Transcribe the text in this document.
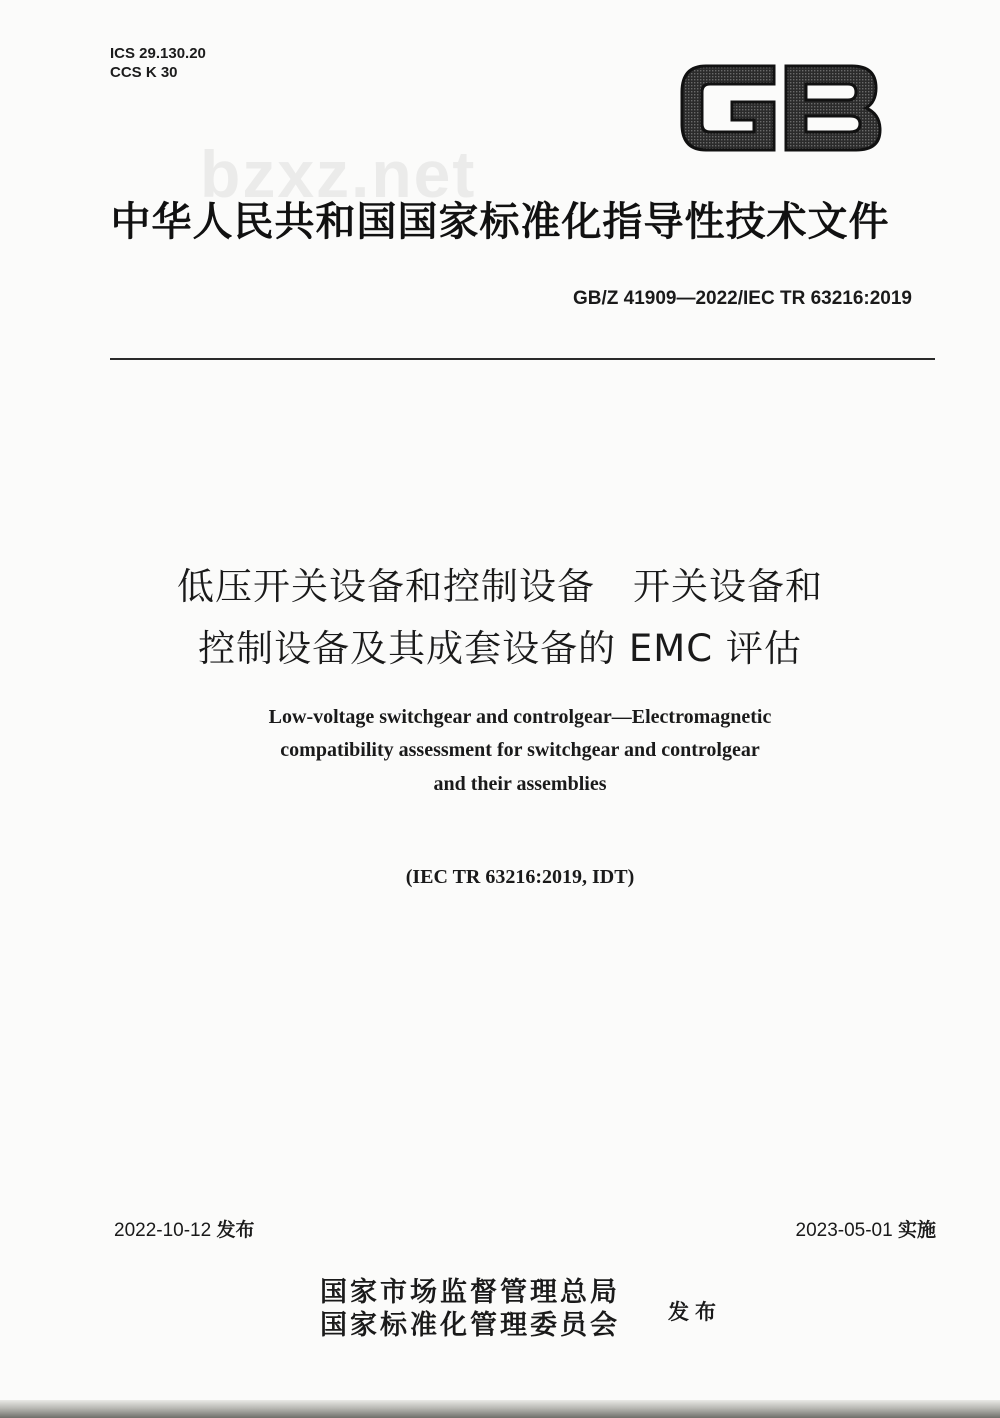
ICS 29.130.20
CCS K 30
bzxz.net
中华人民共和国国家标准化指导性技术文件
GB/Z 41909—2022/IEC TR 63216:2019
低压开关设备和控制设备　开关设备和
控制设备及其成套设备的 EMC 评估
Low-voltage switchgear and controlgear—Electromagnetic
compatibility assessment for switchgear and controlgear
and their assemblies
(IEC TR 63216:2019, IDT)
2022-10-12 发布	2023-05-01 实施
国家市场监督管理总局
国家标准化管理委员会 发布
